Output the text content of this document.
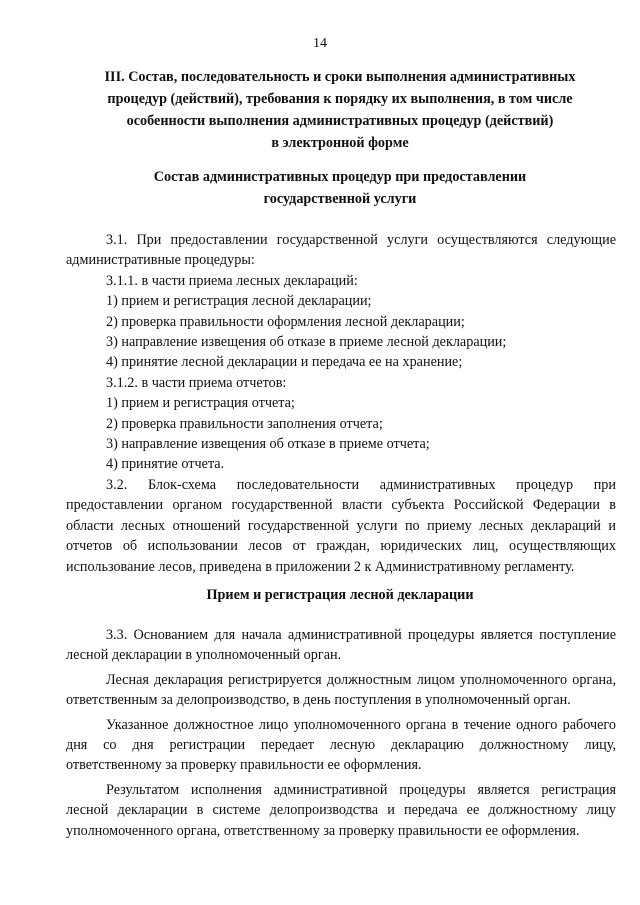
14
III. Состав, последовательность и сроки выполнения административных
процедур (действий), требования к порядку их выполнения, в том числе
особенности выполнения административных процедур (действий)
в электронной форме
Состав административных процедур при предоставлении
государственной услуги

3.1. При предоставлении государственной услуги осуществляются следующие административные процедуры:

3.1.1. в части приема лесных деклараций:

1) прием и регистрация лесной декларации;

2) проверка правильности оформления лесной декларации;

3) направление извещения об отказе в приеме лесной декларации;

4) принятие лесной декларации и передача ее на хранение;

3.1.2. в части приема отчетов:

1) прием и регистрация отчета;

2) проверка правильности заполнения отчета;

3) направление извещения об отказе в приеме отчета;

4) принятие отчета.

3.2. Блок-схема последовательности административных процедур при предоставлении органом государственной власти субъекта Российской Федерации в области лесных отношений государственной услуги по приему лесных деклараций и отчетов об использовании лесов от граждан, юридических лиц, осуществляющих использование лесов, приведена в приложении 2 к Административному регламенту.

Прием и регистрация лесной декларации

3.3. Основанием для начала административной процедуры является поступление лесной декларации в уполномоченный орган.

Лесная декларация регистрируется должностным лицом уполномоченного органа, ответственным за делопроизводство, в день поступления в уполномоченный орган.

Указанное должностное лицо уполномоченного органа в течение одного рабочего дня со дня регистрации передает лесную декларацию должностному лицу, ответственному за проверку правильности ее оформления.

Результатом исполнения административной процедуры является регистрация лесной декларации в системе делопроизводства и передача ее должностному лицу уполномоченного органа, ответственному за проверку правильности ее оформления.
